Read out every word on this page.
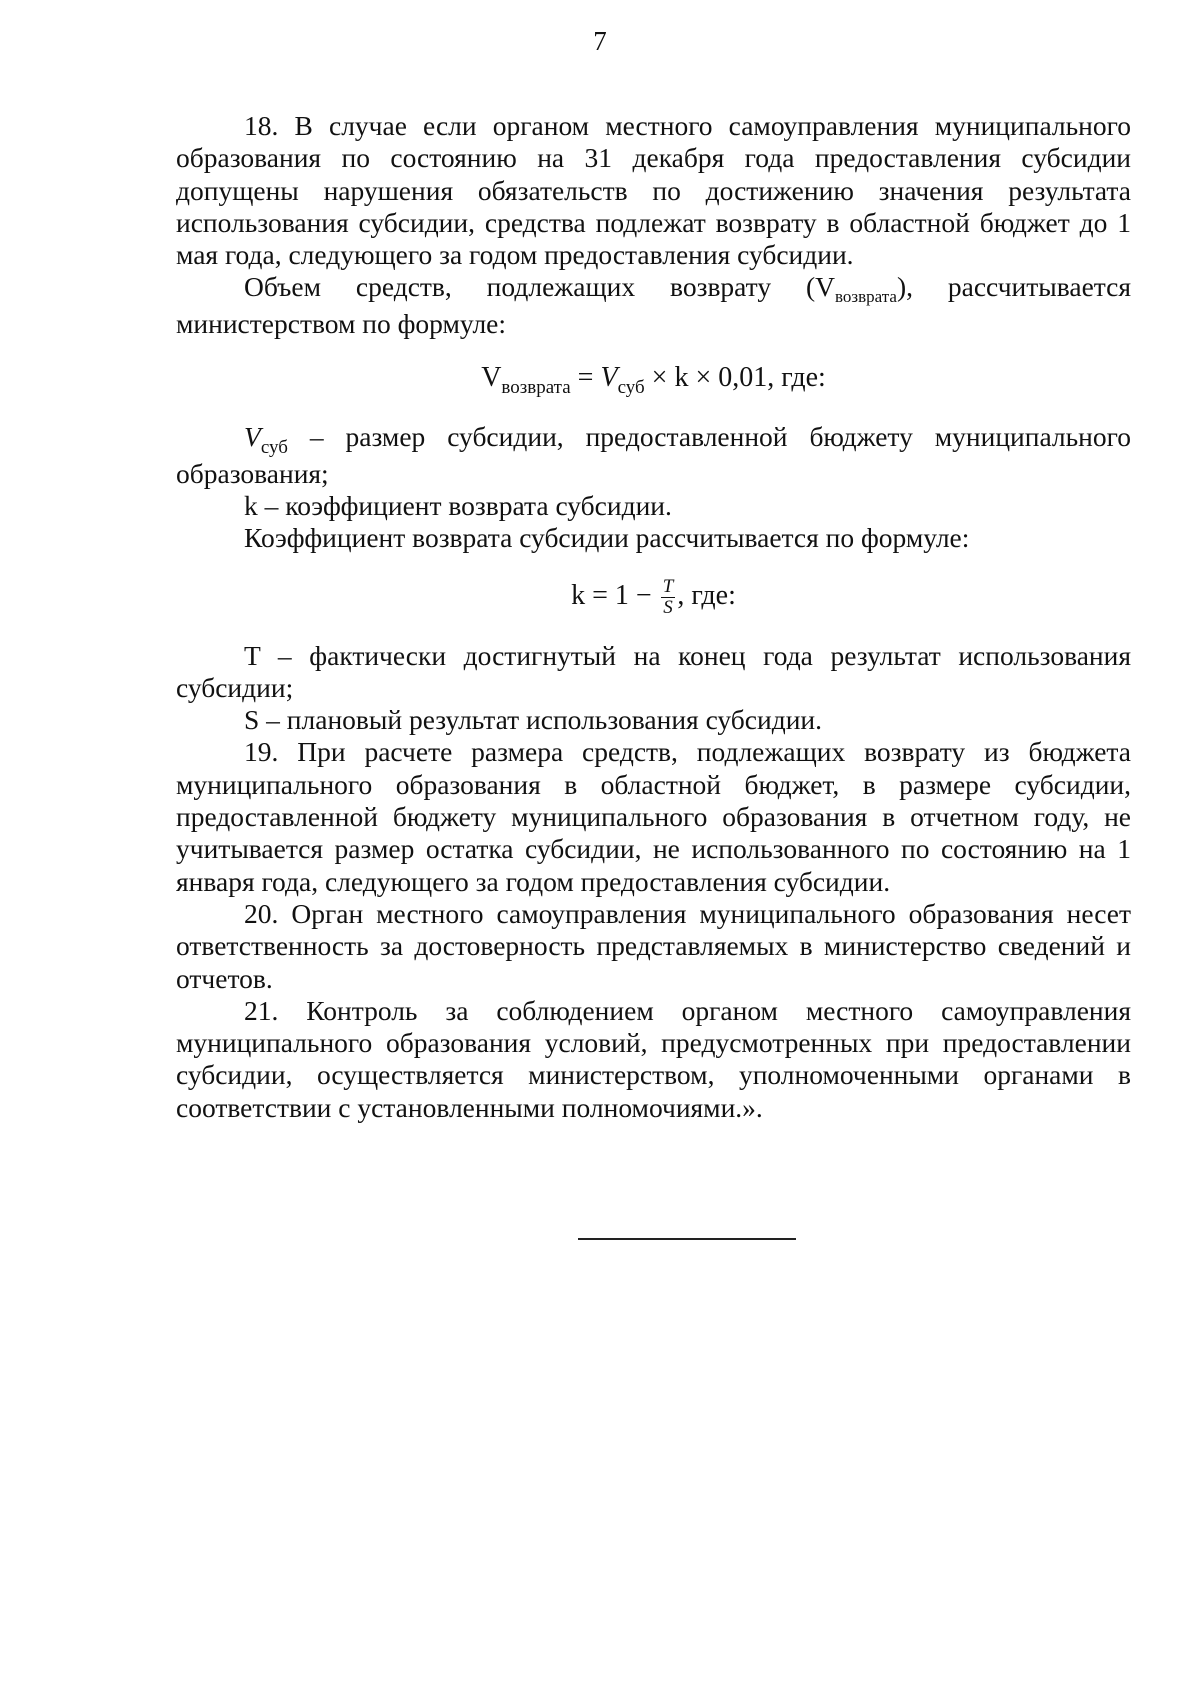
7

18. В случае если органом местного самоуправления муниципального образования по состоянию на 31 декабря года предоставления субсидии допущены нарушения обязательств по достижению значения результата использования субсидии, средства подлежат возврату в областной бюджет до 1 мая года, следующего за годом предоставления субсидии.

Объем средств, подлежащих возврату $(V_{возврата})$, рассчитывается министерством по формуле:

$V_{возврата} = V_{суб} \times k \times 0,01$, где:

$V_{суб}$ – размер субсидии, предоставленной бюджету муниципального образования;

k – коэффициент возврата субсидии.

Коэффициент возврата субсидии рассчитывается по формуле:

$k = 1 - \frac{T}{S}$ , где:

T – фактически достигнутый на конец года результат использования субсидии;

S – плановый результат использования субсидии.

19. При расчете размера средств, подлежащих возврату из бюджета муниципального образования в областной бюджет, в размере субсидии, предоставленной бюджету муниципального образования в отчетном году, не учитывается размер остатка субсидии, не использованного по состоянию на 1 января года, следующего за годом предоставления субсидии.

20. Орган местного самоуправления муниципального образования несет ответственность за достоверность представляемых в министерство сведений и отчетов.

21. Контроль за соблюдением органом местного самоуправления муниципального образования условий, предусмотренных при предоставлении субсидии, осуществляется министерством, уполномоченными органами в соответствии с установленными полномочиями.».
